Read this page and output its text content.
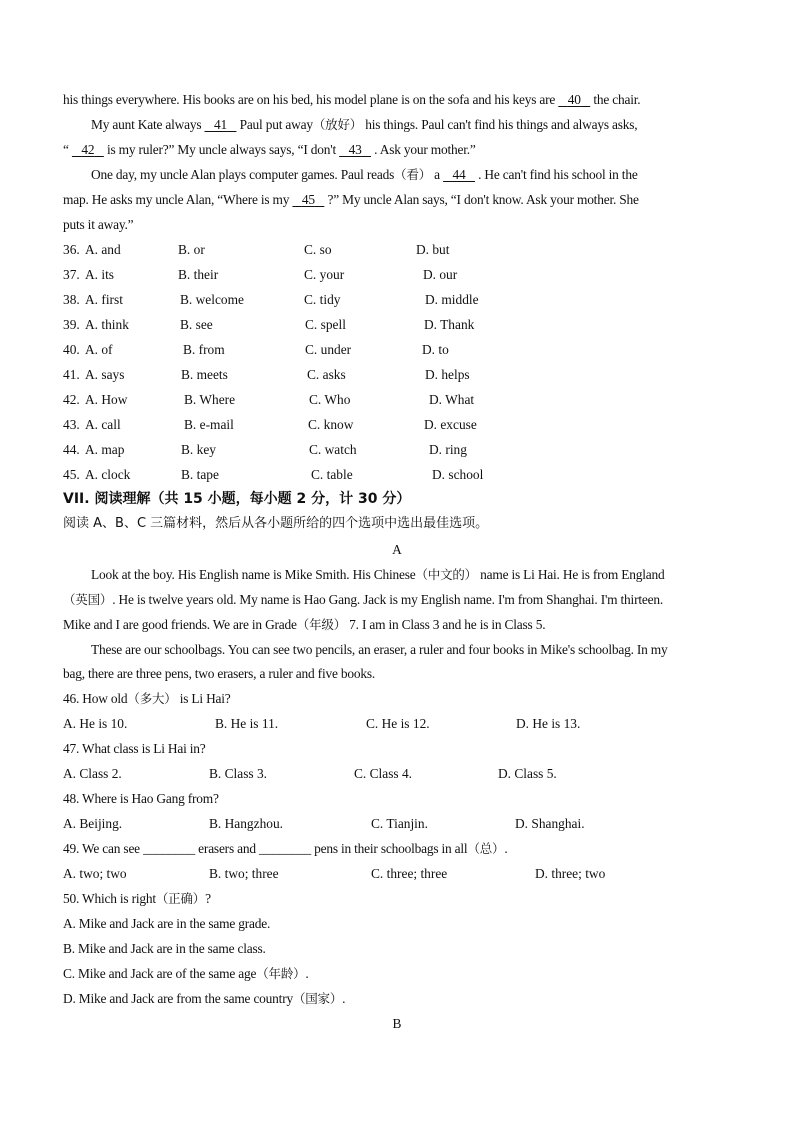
his things everywhere. His books are on his bed, his model plane is on the sofa and his keys are    40    the chair.
My aunt Kate always    41    Paul put away（放好） his things. Paul can't find his things and always asks,
“    42    is my ruler?” My uncle always says, “I don't    43    . Ask your mother.”
One day, my uncle Alan plays computer games. Paul reads（看） a    44    . He can't find his school in the
map. He asks my uncle Alan, “Where is my    45    ?” My uncle Alan says, “I don't know. Ask your mother. She
puts it away.”
36. A. and	B. or	C. so	D. but
37. A. its	B. their	C. your	D. our
38. A. first	B. welcome	C. tidy	D. middle
39. A. think	B. see	C. spell	D. Thank
40. A. of	B. from	C. under	D. to
41. A. says	B. meets	C. asks	D. helps
42. A. How	B. Where	C. Who	D. What
43. A. call	B. e-mail	C. know	D. excuse
44. A. map	B. key	C. watch	D. ring
45. A. clock	B. tape	C. table	D. school
VII. 阅读理解（共 15 小题，每小题 2 分，计 30 分）
阅读 A、B、C 三篇材料，然后从各小题所给的四个选项中选出最佳选项。
A
Look at the boy. His English name is Mike Smith. His Chinese（中文的） name is Li Hai. He is from England
（英国）. He is twelve years old. My name is Hao Gang. Jack is my English name. I'm from Shanghai. I'm thirteen.
Mike and I are good friends. We are in Grade（年级） 7. I am in Class 3 and he is in Class 5.
These are our schoolbags. You can see two pencils, an eraser, a ruler and four books in Mike's schoolbag. In my
bag, there are three pens, two erasers, a ruler and five books.
46. How old（多大） is Li Hai?
A. He is 10.	B. He is 11.	C. He is 12.	D. He is 13.
47. What class is Li Hai in?
A. Class 2.	B. Class 3.	C. Class 4.	D. Class 5.
48. Where is Hao Gang from?
A. Beijing.	B. Hangzhou.	C. Tianjin.	D. Shanghai.
49. We can see ________ erasers and ________ pens in their schoolbags in all（总）.
A. two; two	B. two; three	C. three; three	D. three; two
50. Which is right（正确）?
A. Mike and Jack are in the same grade.
B. Mike and Jack are in the same class.
C. Mike and Jack are of the same age（年龄）.
D. Mike and Jack are from the same country（国家）.
B
